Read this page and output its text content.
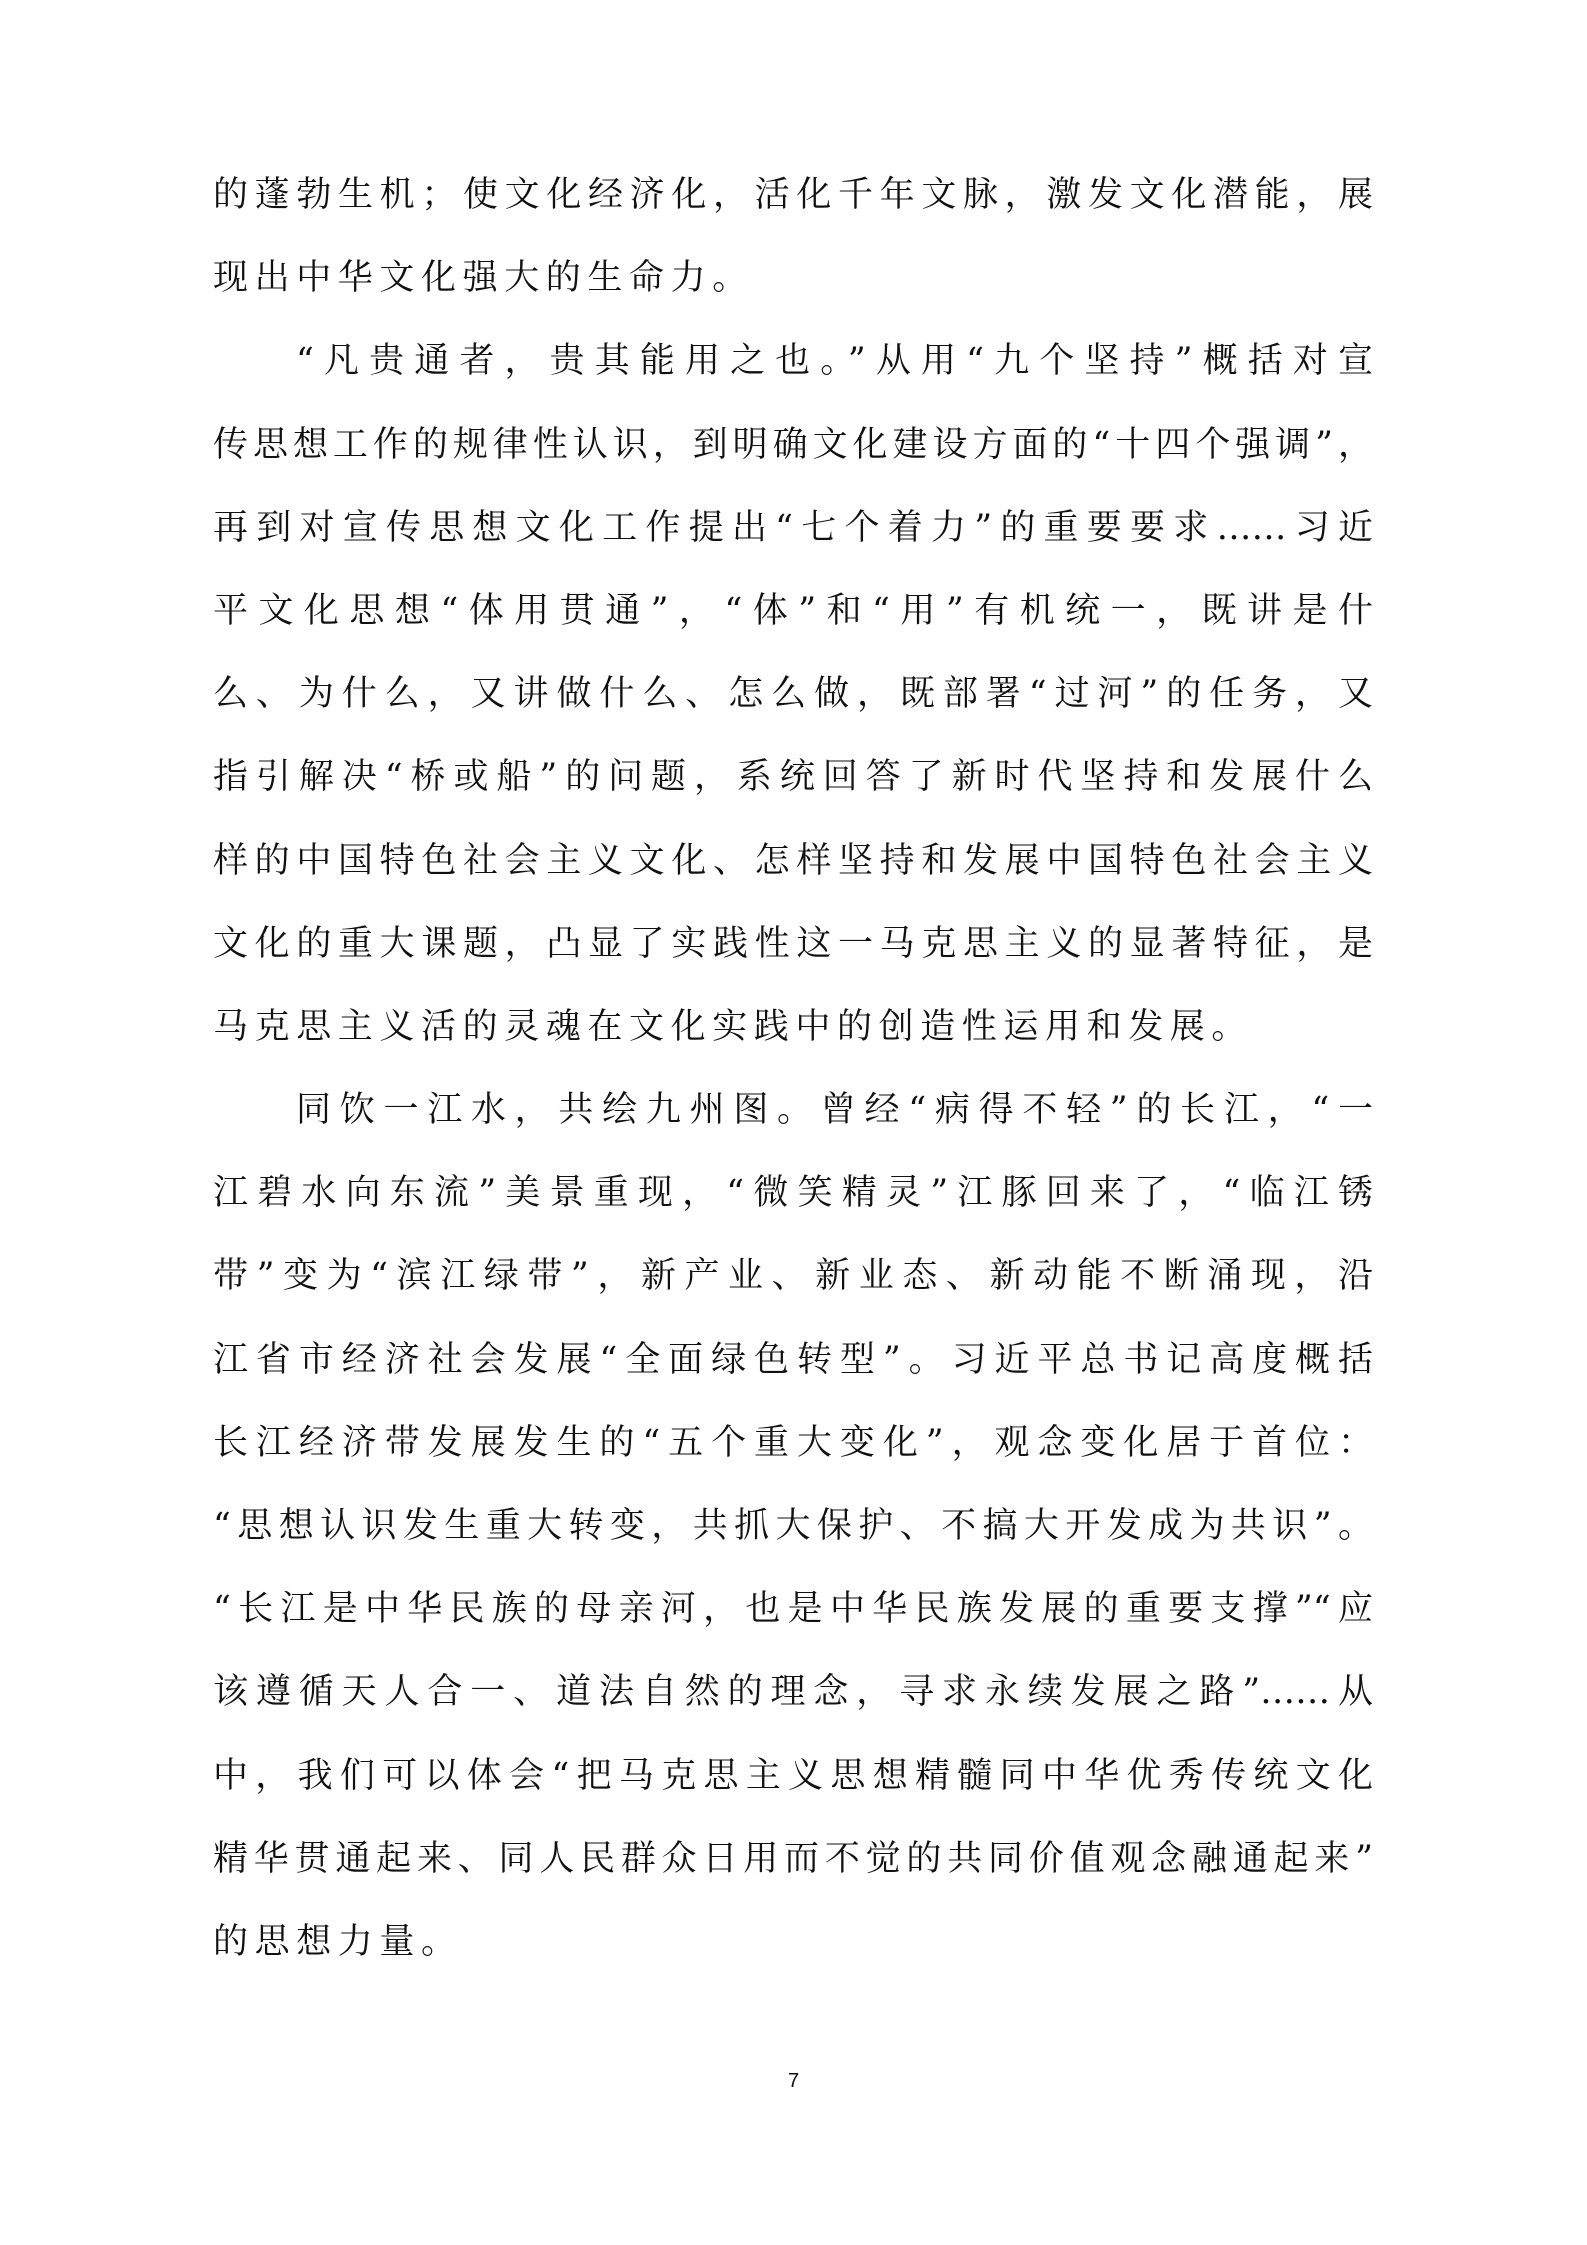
的蓬勃生机；使文化经济化，活化千年文脉，激发文化潜能，展
现出中华文化强大的生命力。
“凡贵通者，贵其能用之也。”从用“九个坚持”概括对宣
传思想工作的规律性认识，到明确文化建设方面的“十四个强调”，
再到对宣传思想文化工作提出“七个着力”的重要要求……习近
平文化思想“体用贯通”，“体”和“用”有机统一，既讲是什
么、为什么，又讲做什么、怎么做，既部署“过河”的任务，又
指引解决“桥或船”的问题，系统回答了新时代坚持和发展什么
样的中国特色社会主义文化、怎样坚持和发展中国特色社会主义
文化的重大课题，凸显了实践性这一马克思主义的显著特征，是
马克思主义活的灵魂在文化实践中的创造性运用和发展。
同饮一江水，共绘九州图。曾经“病得不轻”的长江，“一
江碧水向东流”美景重现，“微笑精灵”江豚回来了，“临江锈
带”变为“滨江绿带”，新产业、新业态、新动能不断涌现，沿
江省市经济社会发展“全面绿色转型”。习近平总书记高度概括
长江经济带发展发生的“五个重大变化”，观念变化居于首位：
“思想认识发生重大转变，共抓大保护、不搞大开发成为共识”。
“长江是中华民族的母亲河，也是中华民族发展的重要支撑”“应
该遵循天人合一、道法自然的理念，寻求永续发展之路”……从
中，我们可以体会“把马克思主义思想精髓同中华优秀传统文化
精华贯通起来、同人民群众日用而不觉的共同价值观念融通起来”
的思想力量。
7
